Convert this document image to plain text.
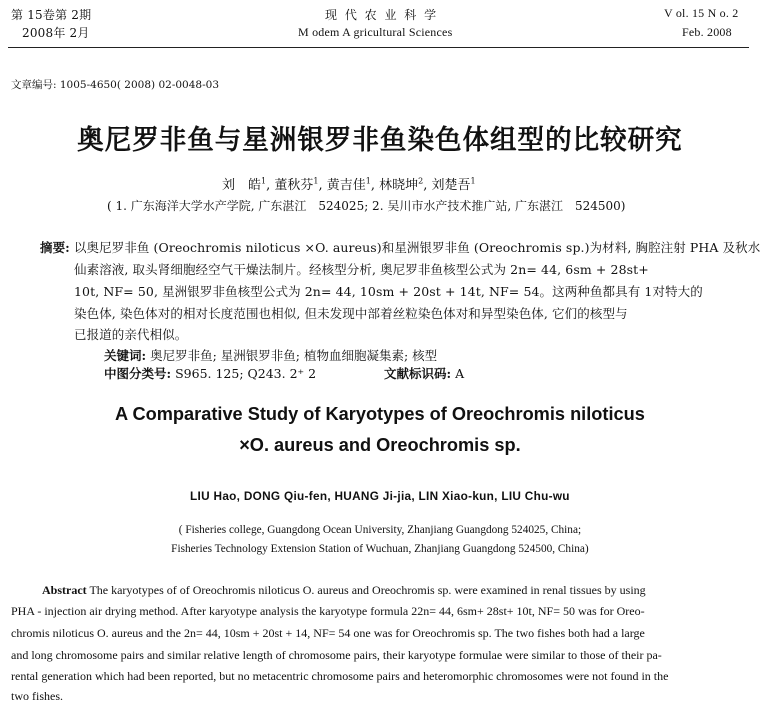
第 15卷第 2期
2008年 2月
现 代 农 业 科 学
M odem A gricultural Sciences
V ol. 15 N o. 2
Feb. 2008
文章编号: 1005-4650( 2008) 02-0048-03
奥尼罗非鱼与星洲银罗非鱼染色体组型的比较研究
刘　皓$^1$, 董秋芬$^1$, 黄吉佳$^1$, 林晓坤$^2$, 刘楚吾$^1$
( 1. 广东海洋大学水产学院, 广东湛江　524025; 2. 吴川市水产技术推广站, 广东湛江　524500)
摘要: 以奥尼罗非鱼 (Oreochromis niloticus ×O. aureus)和星洲银罗非鱼 (Oreochromis sp.)为材料, 胸腔注射 PHA 及秋水
仙素溶液, 取头肾细胞经空气干燥法制片。经核型分析, 奥尼罗非鱼核型公式为 2n= 44, 6sm + 28st+
10t, NF= 50, 星洲银罗非鱼核型公式为 2n= 44, 10sm + 20st + 14t, NF= 54。这两种鱼都具有 1对特大的
染色体, 染色体对的相对长度范围也相似, 但未发现中部着丝粒染色体对和异型染色体, 它们的核型与
已报道的亲代相似。
关键词: 奥尼罗非鱼; 星洲银罗非鱼; 植物血细胞凝集素; 核型
中图分类号: S965. 125; Q243. 2⁺ 2	文献标识码: A
A Comparative Study of Karyotypes of Oreochromis niloticus
×O. aureus and Oreochromis sp.
LIU Hao, DONG Qiu-fen, HUANG Ji-jia, LIN Xiao-kun, LIU Chu-wu
( Fisheries college, Guangdong Ocean University, Zhanjiang Guangdong 524025, China;
Fisheries Technology Extension Station of Wuchuan, Zhanjiang Guangdong 524500, China)
Abstract The karyotypes of of Oreochromis niloticus O. aureus and Oreochromis sp. were examined in renal tissues by using
PHA - injection air drying method. After karyotype analysis the karyotype formula 22n= 44, 6sm+ 28st+ 10t, NF= 50 was for Oreo-
chromis niloticus O. aureus and the 2n= 44, 10sm + 20st + 14, NF= 54 one was for Oreochromis sp. The two fishes both had a large
and long chromosome pairs and similar relative length of chromosome pairs, their karyotype formulae were similar to those of their pa-
rental generation which had been reported, but no metacentric chromosome pairs and heteromorphic chromosomes were not found in the
two fishes.
